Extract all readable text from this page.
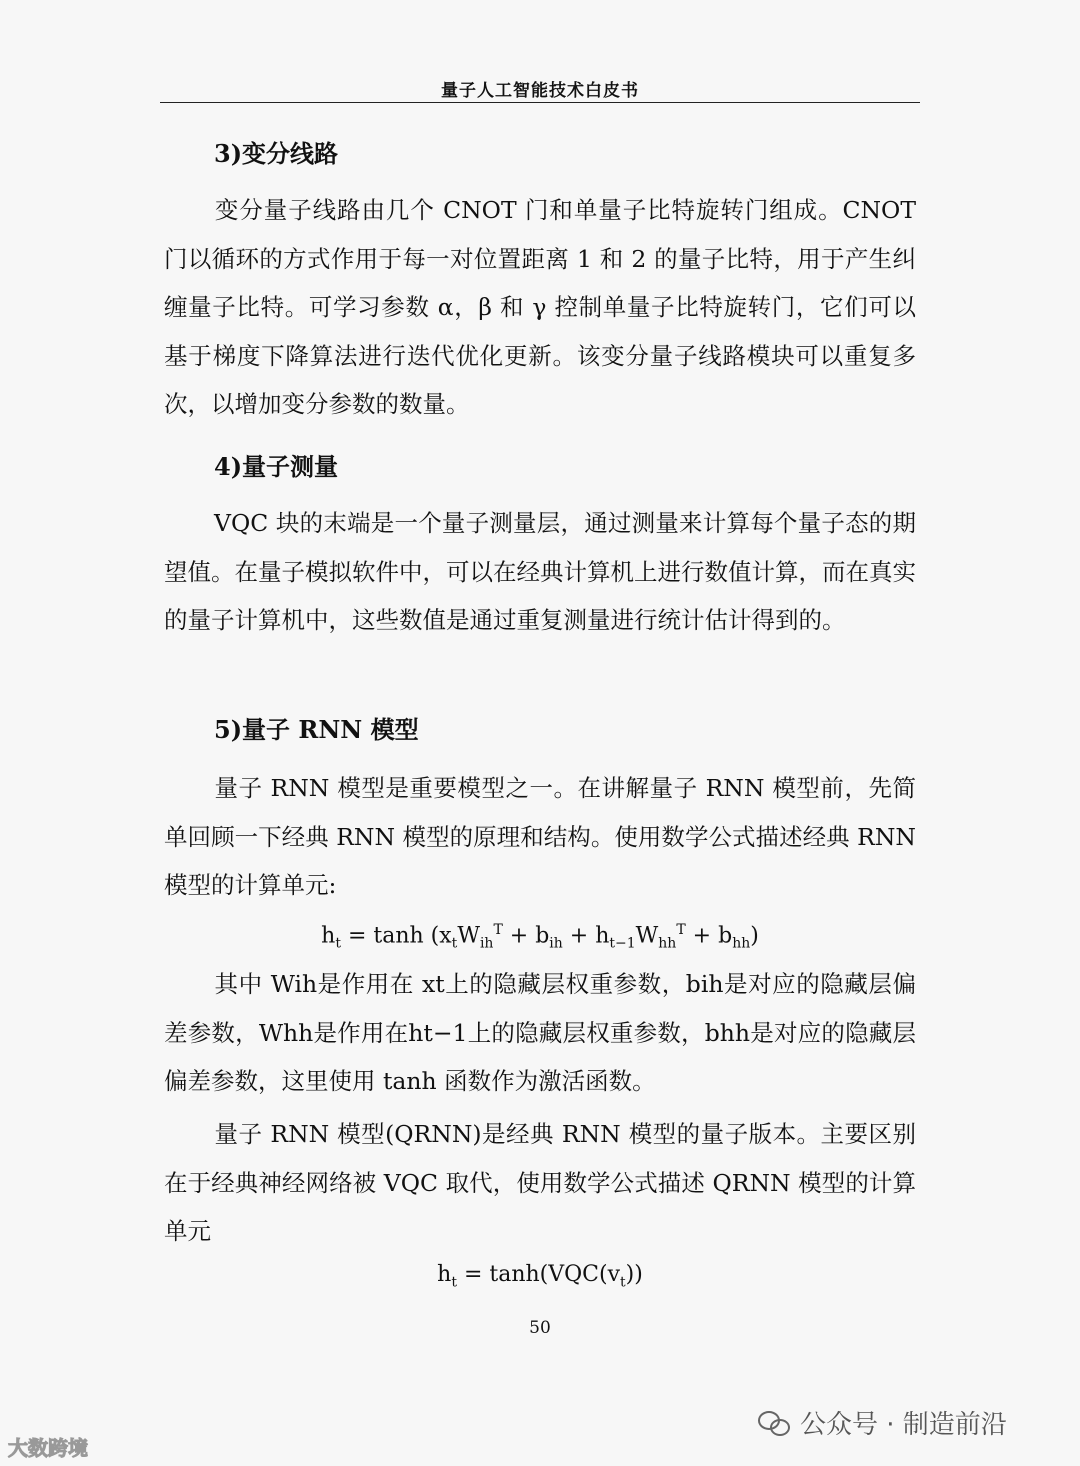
量子人工智能技术白皮书
3)变分线路
变分量子线路由几个 CNOT 门和单量子比特旋转门组成。CNOT 门以循环的方式作用于每一对位置距离 1 和 2 的量子比特，用于产生纠缠量子比特。可学习参数 α，β 和 γ 控制单量子比特旋转门，它们可以基于梯度下降算法进行迭代优化更新。该变分量子线路模块可以重复多次，以增加变分参数的数量。
4)量子测量
VQC 块的末端是一个量子测量层，通过测量来计算每个量子态的期望值。在量子模拟软件中，可以在经典计算机上进行数值计算，而在真实的量子计算机中，这些数值是通过重复测量进行统计估计得到的。
5)量子 RNN 模型
量子 RNN 模型是重要模型之一。在讲解量子 RNN 模型前，先简单回顾一下经典 RNN 模型的原理和结构。使用数学公式描述经典 RNN 模型的计算单元:
$h_t = \tanh (x_tW_{ih}^T + b_{ih} + h_{t-1}W_{hh}^T + b_{hh})$
其中 Wih是作用在 xt上的隐藏层权重参数，bih是对应的隐藏层偏差参数，Whh是作用在ht−1上的隐藏层权重参数，bhh是对应的隐藏层偏差参数，这里使用 tanh 函数作为激活函数。
量子 RNN 模型(QRNN)是经典 RNN 模型的量子版本。主要区别在于经典神经网络被 VQC 取代，使用数学公式描述 QRNN 模型的计算单元
$h_t = \tanh(VQC(v_t))$
50
大数跨境
公众号 · 制造前沿
